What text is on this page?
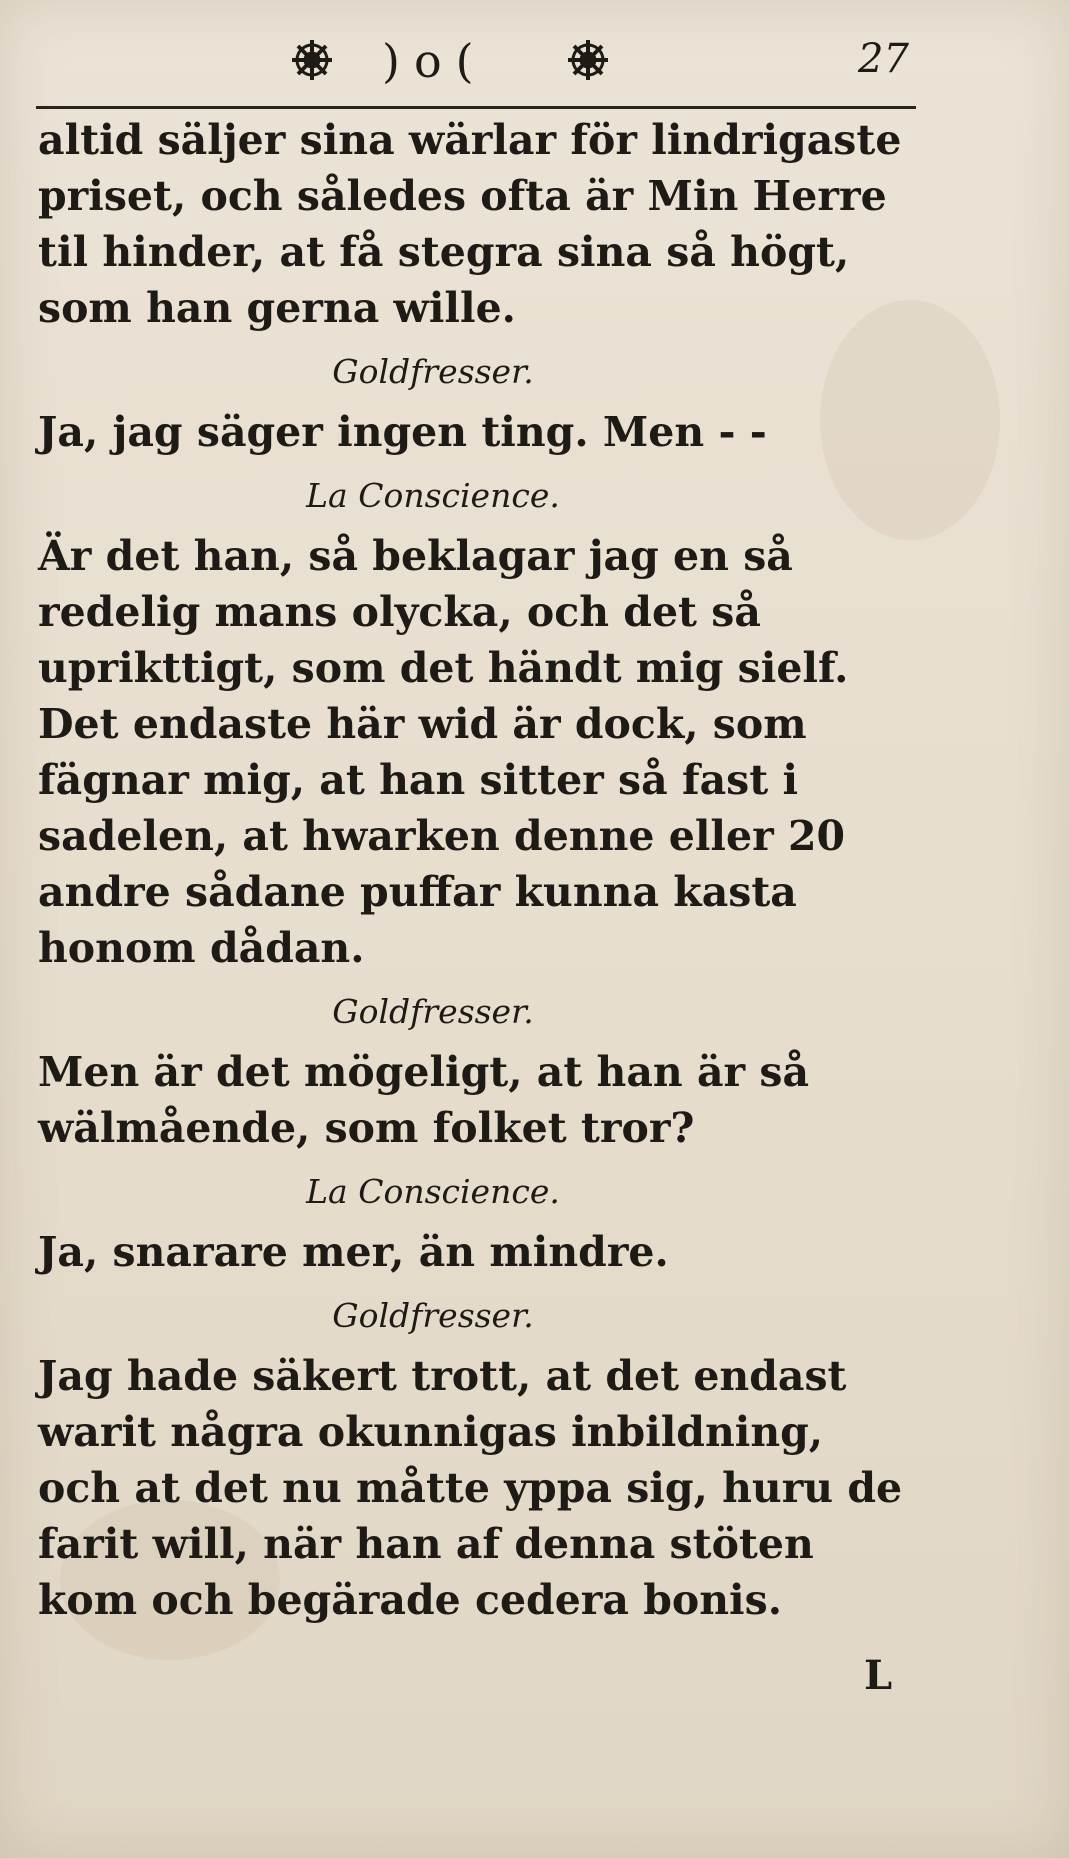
)o(	27

altid säljer sina wärlar för lindrigaste priset, och således ofta är Min Herre til hinder, at få stegra sina så högt, som han gerna wille.

Goldfresser.

Ja, jag säger ingen ting. Men - -

La Conscience.

Är det han, så beklagar jag en så redelig mans olycka, och det så uprikttigt, som det händt mig sielf. Det endaste här wid är dock, som fägnar mig, at han sitter så fast i sadelen, at hwarken denne eller 20 andre sådane puffar kunna kasta honom dådan.

Goldfresser.

Men är det mögeligt, at han är så wälmående, som folket tror?

La Conscience.

Ja, snarare mer, än mindre.

Goldfresser.

Jag hade säkert trott, at det endast warit några okunnigas inbildning, och at det nu måtte yppa sig, huru de farit will, när han af denna stöten kom och begärade cedera bonis.

L
